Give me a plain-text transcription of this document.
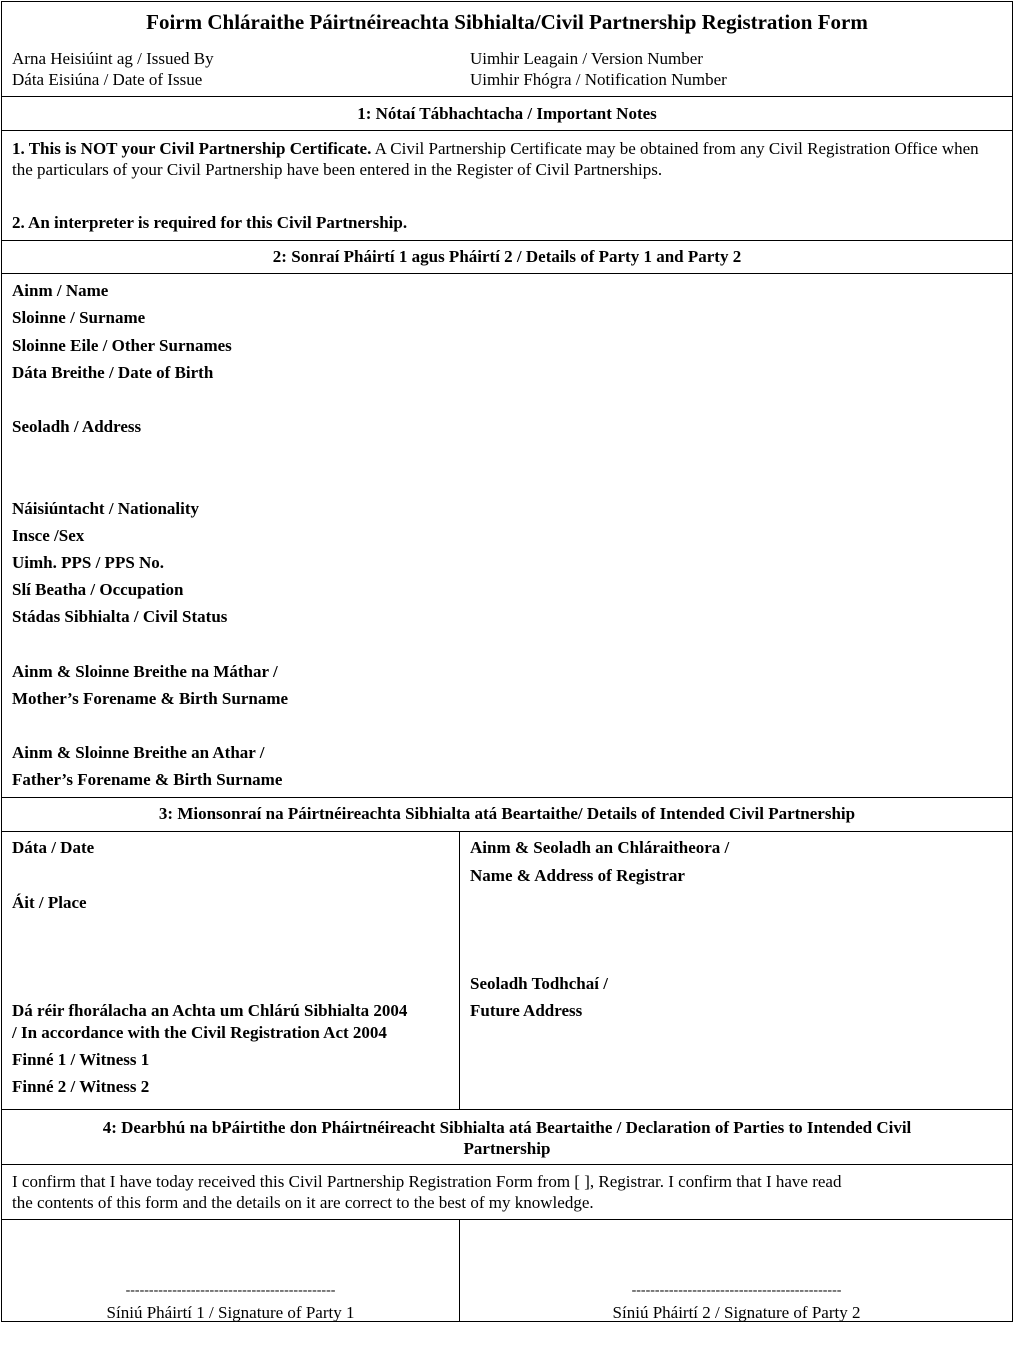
Foirm Chláraithe Páirtnéireachta Sibhialta/Civil Partnership Registration Form
Arna Heisiúint ag / Issued By
Dáta Eisiúna / Date of Issue
Uimhir Leagain / Version Number
Uimhir Fhógra / Notification Number
1: Nótaí Tábhachtacha / Important Notes
1. This is NOT your Civil Partnership Certificate. A Civil Partnership Certificate may be obtained from any Civil Registration Office when the particulars of your Civil Partnership have been entered in the Register of Civil Partnerships.
2. An interpreter is required for this Civil Partnership.
2: Sonraí Pháirtí 1 agus Pháirtí 2 / Details of Party 1 and Party 2
Ainm / Name
Sloinne / Surname
Sloinne Eile / Other Surnames
Dáta Breithe / Date of Birth
Seoladh / Address
Náisiúntacht / Nationality
Insce /Sex
Uimh. PPS / PPS No.
Slí Beatha / Occupation
Stádas Sibhialta / Civil Status
Ainm & Sloinne Breithe na Máthar /
Mother’s Forename & Birth Surname
Ainm & Sloinne Breithe an Athar /
Father’s Forename & Birth Surname
3: Mionsonraí na Páirtnéireachta Sibhialta atá Beartaithe/ Details of Intended Civil Partnership
Dáta / Date
Áit / Place
Dá réir fhorálacha an Achta um Chlárú Sibhialta 2004
/ In accordance with the Civil Registration Act 2004
Finné 1 / Witness 1
Finné 2 / Witness 2
Ainm & Seoladh an Chláraitheora /
Name & Address of Registrar
Seoladh Todhchaí /
Future Address
4: Dearbhú na bPáirtithe don Pháirtnéireacht Sibhialta atá Beartaithe / Declaration of Parties to Intended Civil
Partnership
I confirm that I have today received this Civil Partnership Registration Form from [ ], Registrar. I confirm that I have read
the contents of this form and the details on it are correct to the best of my knowledge.
---------------------------------------------
Síniú Pháirtí 1 / Signature of Party 1
---------------------------------------------
Síniú Pháirtí 2 / Signature of Party 2
